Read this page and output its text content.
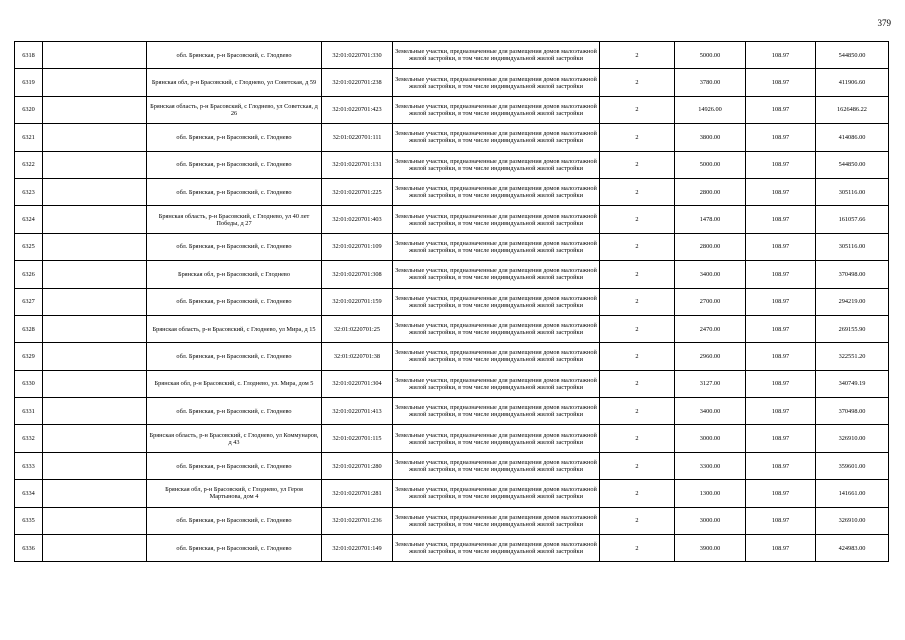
379
6318		обл. Брянская, р-н Брасовский, с. Глодnево	32:01:0220701:330	Земельные участки, предназначенные для размещения домов малоэтажной жилой застройки, в том числе индивидуальной жилой застройки	2	5000.00	108.97	544850.00
6319		Брянская обл, р-н Брасовский, с Глодневo, ул Советская, д 59	32:01:0220701:238	Земельные участки, предназначенные для размещения домов малоэтажной жилой застройки, в том числе индивидуальной жилой застройки	2	3780.00	108.97	411906.60
6320		Брянская область, р-н Брасовский, с Глоднево, ул Советская, д 26	32:01:0220701:423	Земельные участки, предназначенные для размещения домов малоэтажной жилой застройки, в том числе индивидуальной жилой застройки	2	14926.00	108.97	1626486.22
6321		обл. Брянская, р-н Брасовский, с. Глоднево	32:01:0220701:111	Земельные участки, предназначенные для размещения домов малоэтажной жилой застройки, в том числе индивидуальной жилой застройки	2	3800.00	108.97	414086.00
6322		обл. Брянская, р-н Брасовский, с. Глоднево	32:01:0220701:131	Земельные участки, предназначенные для размещения домов малоэтажной жилой застройки, в том числе индивидуальной жилой застройки	2	5000.00	108.97	544850.00
6323		обл. Брянская, р-н Брасовский, с. Глоднево	32:01:0220701:225	Земельные участки, предназначенные для размещения домов малоэтажной жилой застройки, в том числе индивидуальной жилой застройки	2	2800.00	108.97	305116.00
6324		Брянская область, р-н Брасовский, с Глоднево, ул 40 лет Победы, д 27	32:01:0220701:403	Земельные участки, предназначенные для размещения домов малоэтажной жилой застройки, в том числе индивидуальной жилой застройки	2	1478.00	108.97	161057.66
6325		обл. Брянская, р-н Брасовский, с. Глоднево	32:01:0220701:109	Земельные участки, предназначенные для размещения домов малоэтажной жилой застройки, в том числе индивидуальной жилой застройки	2	2800.00	108.97	305116.00
6326		Брянская обл, р-н Брасовский, с Глоднево	32:01:0220701:308	Земельные участки, предназначенные для размещения домов малоэтажной жилой застройки, в том числе индивидуальной жилой застройки	2	3400.00	108.97	370498.00
6327		обл. Брянская, р-н Брасовский, с. Глоднево	32:01:0220701:159	Земельные участки, предназначенные для размещения домов малоэтажной жилой застройки, в том числе индивидуальной жилой застройки	2	2700.00	108.97	294219.00
6328		Брянская область, р-н Брасовский, с Глоднево, ул Мира, д 15	32:01:0220701:25	Земельные участки, предназначенные для размещения домов малоэтажной жилой застройки, в том числе индивидуальной жилой застройки	2	2470.00	108.97	269155.90
6329		обл. Брянская, р-н Брасовский, с. Глоднево	32:01:0220701:38	Земельные участки, предназначенные для размещения домов малоэтажной жилой застройки, в том числе индивидуальной жилой застройки	2	2960.00	108.97	322551.20
6330		Брянская обл, р-н Брасовский, с. Глоднево, ул. Мира, дом 5	32:01:0220701:304	Земельные участки, предназначенные для размещения домов малоэтажной жилой застройки, в том числе индивидуальной жилой застройки	2	3127.00	108.97	340749.19
6331		обл. Брянская, р-н Брасовский, с. Глоднево	32:01:0220701:413	Земельные участки, предназначенные для размещения домов малоэтажной жилой застройки, в том числе индивидуальной жилой застройки	2	3400.00	108.97	370498.00
6332		Брянская область, р-н Брасовский, с Глоднево, ул Коммунаров, д 43	32:01:0220701:115	Земельные участки, предназначенные для размещения домов малоэтажной жилой застройки, в том числе индивидуальной жилой застройки	2	3000.00	108.97	326910.00
6333		обл. Брянская, р-н Брасовский, с. Глоднево	32:01:0220701:280	Земельные участки, предназначенные для размещения домов малоэтажной жилой застройки, в том числе индивидуальной жилой застройки	2	3300.00	108.97	359601.00
6334		Брянская обл, р-н Брасовский, с Глоднево, ул Героя Мартынова, дом 4	32:01:0220701:281	Земельные участки, предназначенные для размещения домов малоэтажной жилой застройки, в том числе индивидуальной жилой застройки	2	1300.00	108.97	141661.00
6335		обл. Брянская, р-н Брасовский, с. Глоднево	32:01:0220701:236	Земельные участки, предназначенные для размещения домов малоэтажной жилой застройки, в том числе индивидуальной жилой застройки	2	3000.00	108.97	326910.00
6336		обл. Брянская, р-н Брасовский, с. Глоднево	32:01:0220701:149	Земельные участки, предназначенные для размещения домов малоэтажной жилой застройки, в том числе индивидуальной жилой застройки	2	3900.00	108.97	424983.00
